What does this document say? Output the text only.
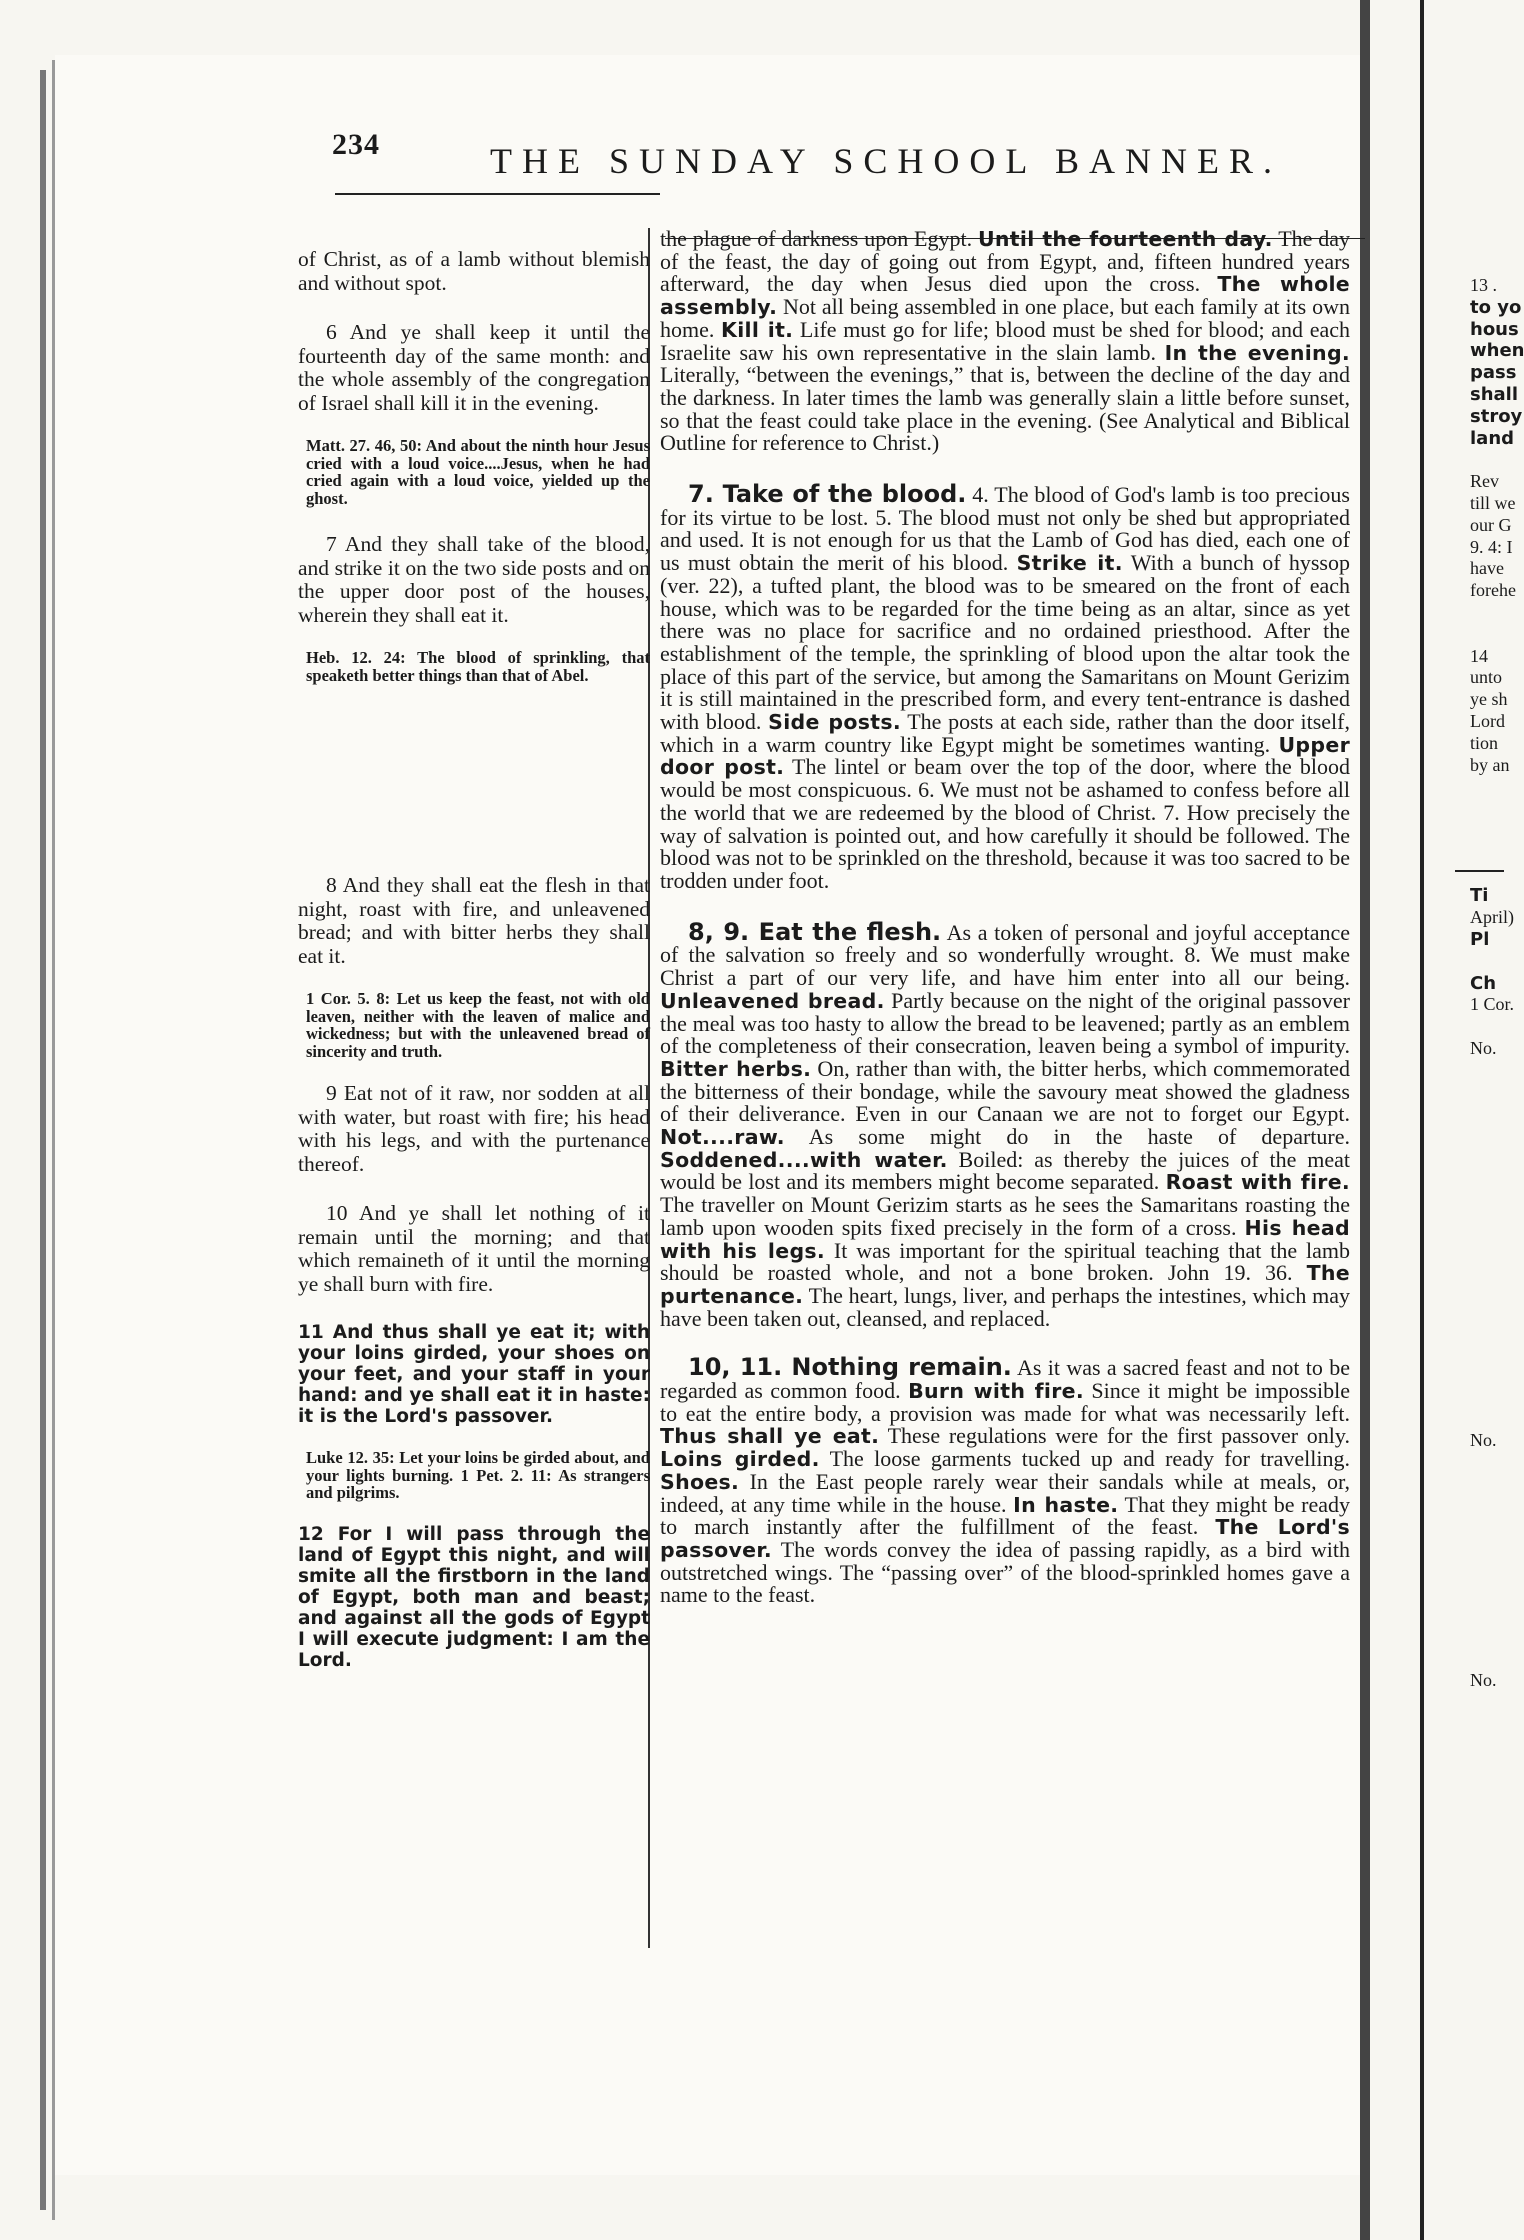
234	THE SUNDAY SCHOOL BANNER.

of Christ, as of a lamb without blemish and without spot.

6 And ye shall keep it until the fourteenth day of the same month: and the whole assembly of the congregation of Israel shall kill it in the evening.

Matt. 27. 46, 50: And about the ninth hour Jesus cried with a loud voice....Jesus, when he had cried again with a loud voice, yielded up the ghost.

7 And they shall take of the blood, and strike it on the two side posts and on the upper door post of the houses, wherein they shall eat it.

Heb. 12. 24: The blood of sprinkling, that speaketh better things than that of Abel.

8 And they shall eat the flesh in that night, roast with fire, and unleavened bread; and with bitter herbs they shall eat it.

1 Cor. 5. 8: Let us keep the feast, not with old leaven, neither with the leaven of malice and wickedness; but with the unleavened bread of sincerity and truth.

9 Eat not of it raw, nor sodden at all with water, but roast with fire; his head with his legs, and with the purtenance thereof.

10 And ye shall let nothing of it remain until the morning; and that which remaineth of it until the morning ye shall burn with fire.

11 And thus shall ye eat it; with your loins girded, your shoes on your feet, and your staff in your hand: and ye shall eat it in haste: it is the Lord's passover.

Luke 12. 35: Let your loins be girded about, and your lights burning. 1 Pet. 2. 11: As strangers and pilgrims.

12 For I will pass through the land of Egypt this night, and will smite all the firstborn in the land of Egypt, both man and beast; and against all the gods of Egypt I will execute judgment: I am the Lord.

the plague of darkness upon Egypt. Until the fourteenth day. The day of the feast, the day of going out from Egypt, and, fifteen hundred years afterward, the day when Jesus died upon the cross. The whole assembly. Not all being assembled in one place, but each family at its own home. Kill it. Life must go for life; blood must be shed for blood; and each Israelite saw his own representative in the slain lamb. In the evening. Literally, “between the evenings,” that is, between the decline of the day and the darkness. In later times the lamb was generally slain a little before sunset, so that the feast could take place in the evening. (See Analytical and Biblical Outline for reference to Christ.)

7. Take of the blood. 4. The blood of God's lamb is too precious for its virtue to be lost. 5. The blood must not only be shed but appropriated and used. It is not enough for us that the Lamb of God has died, each one of us must obtain the merit of his blood. Strike it. With a bunch of hyssop (ver. 22), a tufted plant, the blood was to be smeared on the front of each house, which was to be regarded for the time being as an altar, since as yet there was no place for sacrifice and no ordained priesthood. After the establishment of the temple, the sprinkling of blood upon the altar took the place of this part of the service, but among the Samaritans on Mount Gerizim it is still maintained in the prescribed form, and every tent-entrance is dashed with blood. Side posts. The posts at each side, rather than the door itself, which in a warm country like Egypt might be sometimes wanting. Upper door post. The lintel or beam over the top of the door, where the blood would be most conspicuous. 6. We must not be ashamed to confess before all the world that we are redeemed by the blood of Christ. 7. How precisely the way of salvation is pointed out, and how carefully it should be followed. The blood was not to be sprinkled on the threshold, because it was too sacred to be trodden under foot.

8, 9. Eat the flesh. As a token of personal and joyful acceptance of the salvation so freely and so wonderfully wrought. 8. We must make Christ a part of our very life, and have him enter into all our being. Unleavened bread. Partly because on the night of the original passover the meal was too hasty to allow the bread to be leavened; partly as an emblem of the completeness of their consecration, leaven being a symbol of impurity. Bitter herbs. On, rather than with, the bitter herbs, which commemorated the bitterness of their bondage, while the savoury meat showed the gladness of their deliverance. Even in our Canaan we are not to forget our Egypt. Not....raw. As some might do in the haste of departure. Soddened....with water. Boiled: as thereby the juices of the meat would be lost and its members might become separated. Roast with fire. The traveller on Mount Gerizim starts as he sees the Samaritans roasting the lamb upon wooden spits fixed precisely in the form of a cross. His head with his legs. It was important for the spiritual teaching that the lamb should be roasted whole, and not a bone broken. John 19. 36. The purtenance. The heart, lungs, liver, and perhaps the intestines, which may have been taken out, cleansed, and replaced.

10, 11. Nothing remain. As it was a sacred feast and not to be regarded as common food. Burn with fire. Since it might be impossible to eat the entire body, a provision was made for what was necessarily left. Thus shall ye eat. These regulations were for the first passover only. Loins girded. The loose garments tucked up and ready for travelling. Shoes. In the East people rarely wear their sandals while at meals, or, indeed, at any time while in the house. In haste. That they might be ready to march instantly after the fulfillment of the feast. The Lord's passover. The words convey the idea of passing rapidly, as a bird with outstretched wings. The “passing over” of the blood-sprinkled homes gave a name to the feast.

13 .
to yo
hous
when
pass
shall
stroy
land
Rev
till we
our G
9. 4: I
have
forehe
14
unto
ye sh
Lord
tion
by an
Ti
April)
Pl
Ch
1 Cor.
No.
No.
No.
